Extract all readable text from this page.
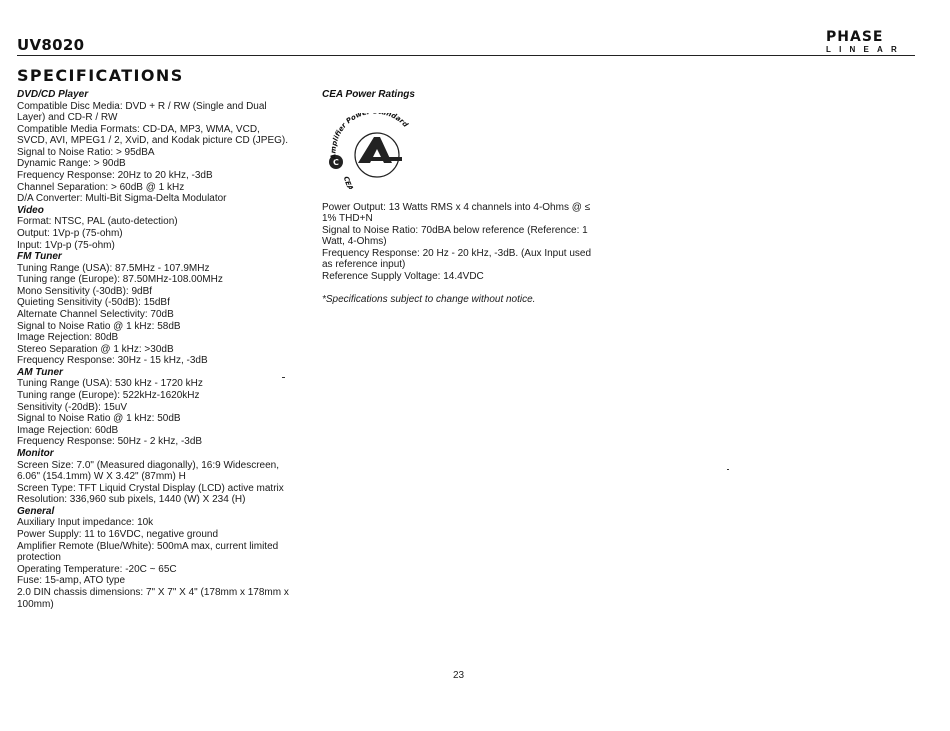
UV8020	PHASE
LINEAR
SPECIFICATIONS
DVD/CD Player
Compatible Disc Media: DVD + R / RW (Single and Dual
Layer) and CD-R / RW
Compatible Media Formats: CD-DA, MP3, WMA, VCD,
SVCD, AVI, MPEG1 / 2, XviD, and Kodak picture CD (JPEG).
Signal to Noise Ratio: > 95dBA
Dynamic Range: > 90dB
Frequency Response: 20Hz to 20 kHz, -3dB
Channel Separation: > 60dB @ 1 kHz
D/A Converter: Multi-Bit Sigma-Delta Modulator
Video
Format: NTSC, PAL (auto-detection)
Output: 1Vp-p (75-ohm)
Input: 1Vp-p (75-ohm)
FM Tuner
Tuning Range (USA): 87.5MHz - 107.9MHz
Tuning range (Europe): 87.50MHz-108.00MHz
Mono Sensitivity (-30dB): 9dBf
Quieting Sensitivity (-50dB): 15dBf
Alternate Channel Selectivity: 70dB
Signal to Noise Ratio @ 1 kHz: 58dB
Image Rejection: 80dB
Stereo Separation @ 1 kHz: >30dB
Frequency Response: 30Hz - 15 kHz, -3dB
AM Tuner
Tuning Range (USA): 530 kHz - 1720 kHz
Tuning range (Europe): 522kHz-1620kHz
Sensitivity (-20dB): 15uV
Signal to Noise Ratio @ 1 kHz: 50dB
Image Rejection: 60dB
Frequency Response: 50Hz - 2 kHz, -3dB
Monitor
Screen Size: 7.0" (Measured diagonally), 16:9 Widescreen,
6.06" (154.1mm) W X 3.42" (87mm) H
Screen Type: TFT Liquid Crystal Display (LCD) active matrix
Resolution: 336,960 sub pixels, 1440 (W) X 234 (H)
General
Auxiliary Input impedance: 10k
Power Supply: 11 to 16VDC, negative ground
Amplifier Remote (Blue/White): 500mA max, current limited
protection
Operating Temperature: -20C ~ 65C
Fuse: 15-amp, ATO type
2.0 DIN chassis dimensions: 7" X 7" X 4" (178mm x 178mm x
100mm)
CEA Power Ratings
C
Amplifier Pow ndard
CEA
Power Output: 13 Watts RMS x 4 channels into 4-Ohms @ ≤
1% THD+N
Signal to Noise Ratio: 70dBA below reference (Reference: 1
Watt, 4-Ohms)
Frequency Response: 20 Hz - 20 kHz, -3dB. (Aux Input used
as reference input)
Reference Supply Voltage: 14.4VDC
*Specifications subject to change without notice.
23
